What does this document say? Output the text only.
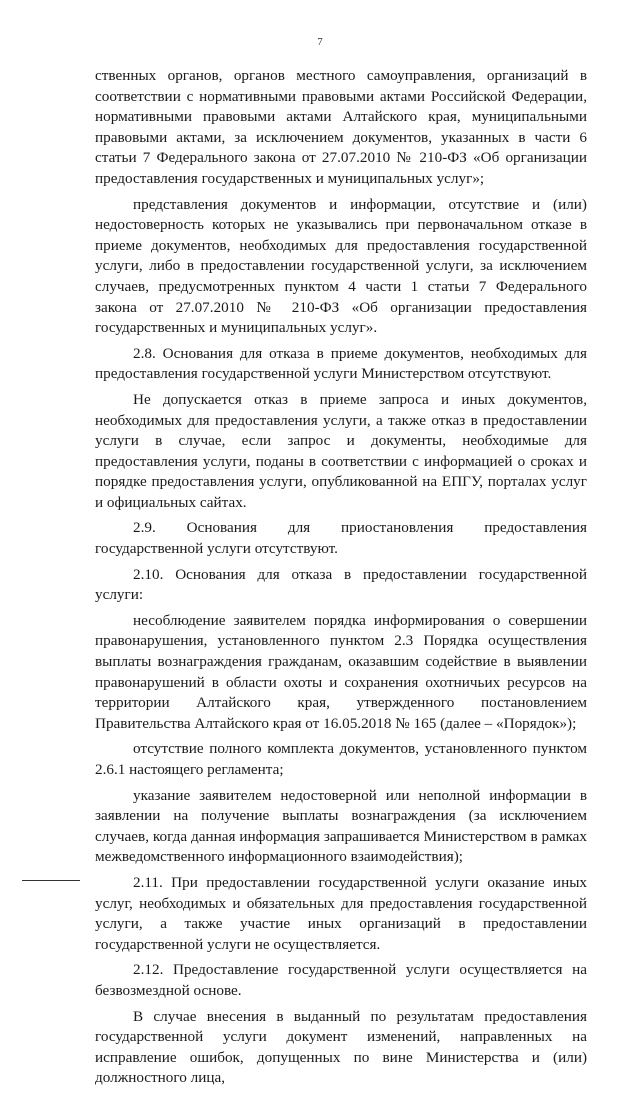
7

ственных органов, органов местного самоуправления, организаций в соответствии с нормативными правовыми актами Российской Федерации, нормативными правовыми актами Алтайского края, муниципальными правовыми актами, за исключением документов, указанных в части 6 статьи 7 Федерального закона от 27.07.2010 № 210-ФЗ «Об организации предоставления государственных и муниципальных услуг»;

представления документов и информации, отсутствие и (или) недостоверность которых не указывались при первоначальном отказе в приеме документов, необходимых для предоставления государственной услуги, либо в предоставлении государственной услуги, за исключением случаев, предусмотренных пунктом 4 части 1 статьи 7 Федерального закона от 27.07.2010 № 210-ФЗ «Об организации предоставления государственных и муниципальных услуг».

2.8. Основания для отказа в приеме документов, необходимых для предоставления государственной услуги Министерством отсутствуют.

Не допускается отказ в приеме запроса и иных документов, необходимых для предоставления услуги, а также отказ в предоставлении услуги в случае, если запрос и документы, необходимые для предоставления услуги, поданы в соответствии с информацией о сроках и порядке предоставления услуги, опубликованной на ЕПГУ, порталах услуг и официальных сайтах.

2.9. Основания для приостановления предоставления государственной услуги отсутствуют.

2.10. Основания для отказа в предоставлении государственной услуги:

несоблюдение заявителем порядка информирования о совершении правонарушения, установленного пунктом 2.3 Порядка осуществления выплаты вознаграждения гражданам, оказавшим содействие в выявлении правонарушений в области охоты и сохранения охотничьих ресурсов на территории Алтайского края, утвержденного постановлением Правительства Алтайского края от 16.05.2018 № 165 (далее – «Порядок»);

отсутствие полного комплекта документов, установленного пунктом 2.6.1 настоящего регламента;

указание заявителем недостоверной или неполной информации в заявлении на получение выплаты вознаграждения (за исключением случаев, когда данная информация запрашивается Министерством в рамках межведомственного информационного взаимодействия);

2.11. При предоставлении государственной услуги оказание иных услуг, необходимых и обязательных для предоставления государственной услуги, а также участие иных организаций в предоставлении государственной услуги не осуществляется.

2.12. Предоставление государственной услуги осуществляется на безвозмездной основе.

В случае внесения в выданный по результатам предоставления государственной услуги документ изменений, направленных на исправление ошибок, допущенных по вине Министерства и (или) должностного лица,
